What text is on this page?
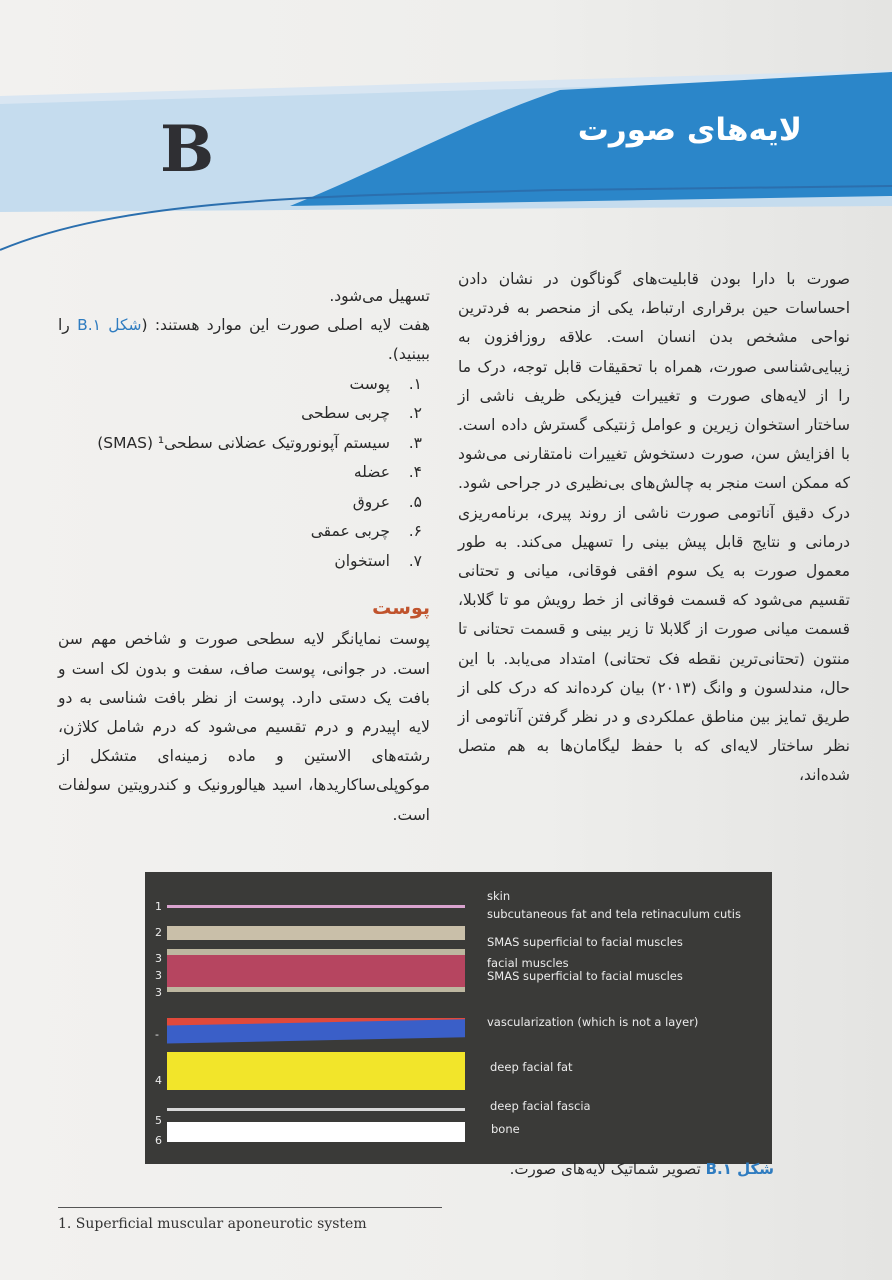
B	لایه‌های صورت

صورت با دارا بودن قابلیت‌های گوناگون در نشان دادن احساسات حین برقراری ارتباط، یکی از منحصر به فردترین نواحی مشخص بدن انسان است. علاقه روزافزون به زیبایی‌شناسی صورت، همراه با تحقیقات قابل توجه، درک ما را از لایه‌های صورت و تغییرات فیزیکی ظریف ناشی از ساختار استخوان زیرین و عوامل ژنتیکی گسترش داده است. با افزایش سن، صورت دستخوش تغییرات نامتقارنی می‌شود که ممکن است منجر به چالش‌های بی‌نظیری در جراحی شود. درک دقیق آناتومی صورت ناشی از روند پیری، برنامه‌ریزی درمانی و نتایج قابل پیش بینی را تسهیل می‌کند. به طور معمول صورت به یک سوم افقی فوقانی، میانی و تحتانی تقسیم می‌شود که قسمت فوقانی از خط رویش مو تا گلابلا، قسمت میانی صورت از گلابلا تا زیر بینی و قسمت تحتانی تا منتون (تحتانی‌ترین نقطه فک تحتانی) امتداد می‌یابد. با این حال، مندلسون و وانگ (۲۰۱۳) بیان کرده‌اند که درک کلی از طریق تمایز بین مناطق عملکردی و در نظر گرفتن آناتومی از نظر ساختار لایه‌ای که با حفظ لیگامان‌ها به هم متصل شده‌اند،

تسهیل می‌شود.

هفت لایه اصلی صورت این موارد هستند: (شکل B.۱ را ببینید).

۱.
پوست
۲.
چربی سطحی
۳.
سیستم آپونوروتیک عضلانی سطحی¹ (SMAS)
۴.
عضله
۵.
عروق
۶.
چربی عمقی
۷.
استخوان
پوست

پوست نمایانگر لایه سطحی صورت و شاخص مهم سن است. در جوانی، پوست صاف، سفت و بدون لک است و بافت یک دستی دارد. پوست از نظر بافت شناسی به دو لایه اپیدرم و درم تقسیم می‌شود که درم شامل کلاژن، رشته‌های الاستین و ماده زمینه‌ای متشکل از موکوپلی‌ساکاریدها، اسید هیالورونیک و کندرویتین سولفات است.

1
2
3
3
3
-
4
5
6
skin
subcutaneous fat and tela retinaculum cutis
SMAS superficial to facial muscles
facial muscles
SMAS superficial to facial muscles
vascularization (which is not a layer)
deep facial fat
deep facial fascia
bone
شکل B.۱ تصویر شماتیک لایه‌های صورت.
1. Superficial muscular aponeurotic system
